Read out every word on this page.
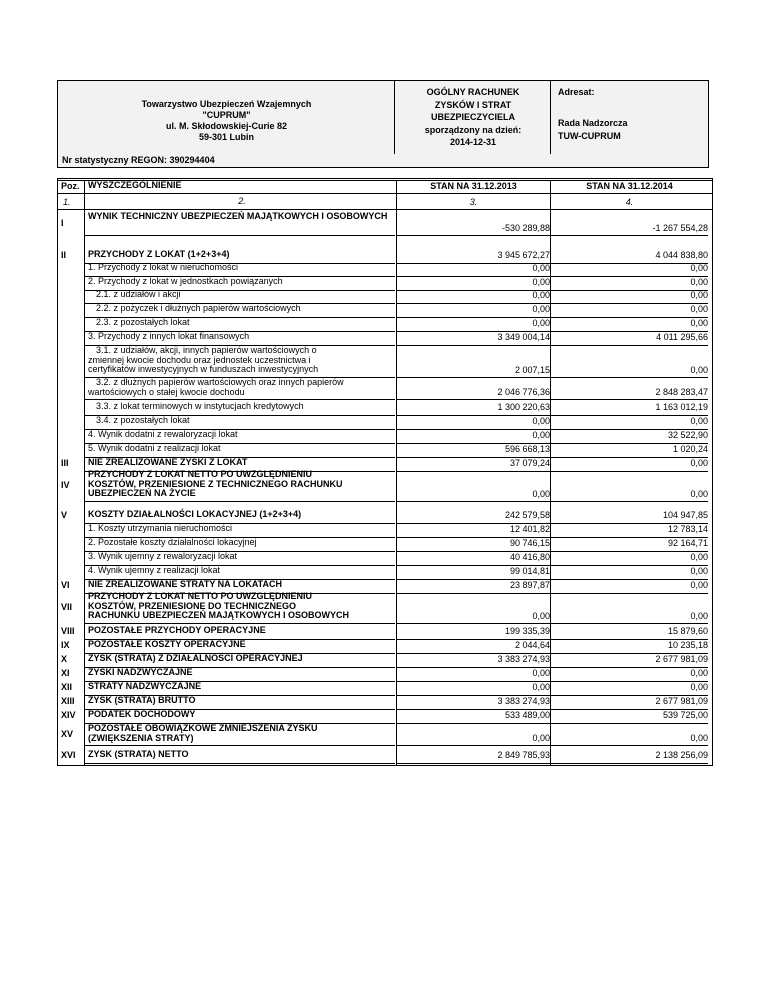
Towarzystwo Ubezpieczeń Wzajemnych
"CUPRUM"
ul. M. Skłodowskiej-Curie 82
59-301 Lubin
OGÓLNY RACHUNEK
ZYSKÓW I STRAT
UBEZPIECZYCIELA
sporządzony na dzień:
2014-12-31
Adresat:
Rada Nadzorcza
TUW-CUPRUM
Nr statystyczny REGON: 390294404
Poz. WYSZCZEGÓLNIENIE	STAN NA 31.12.2013	STAN NA 31.12.2014
1.	2.	3.	4.
I
WYNIK TECHNICZNY UBEZPIECZEŃ MAJĄTKOWYCH I OSOBOWYCH
-530 289,88	-1 267 554,28
II PRZYCHODY Z LOKAT (1+2+3+4)	3 945 672,27	4 044 838,80
1. Przychody z lokat w nieruchomości	0,00	0,00
2. Przychody z lokat w jednostkach powiązanych	0,00	0,00
2.1. z udziałów i akcji	0,00	0,00
2.2. z pożyczek i dłużnych papierów wartościowych	0,00	0,00
2.3. z pozostałych lokat	0,00	0,00
3. Przychody z innych lokat finansowych	3 349 004,14	4 011 295,66
3.1. z udziałów, akcji, innych papierów wartościowych o
zmiennej kwocie dochodu oraz jednostek uczestnictwa i
certyfikatów inwestycyjnych w funduszach inwestycyjnych	2 007,15	0,00
3.2. z dłużnych papierów wartościowych oraz innych papierów
wartościowych o stałej kwocie dochodu	2 046 776,36	2 848 283,47
3.3. z lokat terminowych w instytucjach kredytowych	1 300 220,63	1 163 012,19
3.4. z pozostałych lokat	0,00	0,00
4. Wynik dodatni z rewaloryzacji lokat	0,00	32 522,90
5. Wynik dodatni z realizacji lokat	596 668,13	1 020,24
III NIE ZREALIZOWANE ZYSKI Z LOKAT	37 079,24	0,00
IV
PRZYCHODY Z LOKAT NETTO PO UWZGLĘDNIENIU
KOSZTÓW, PRZENIESIONE Z TECHNICZNEGO RACHUNKU
UBEZPIECZEŃ NA ŻYCIE	0,00	0,00
V KOSZTY DZIAŁALNOŚCI LOKACYJNEJ (1+2+3+4)	242 579,58	104 947,85
1. Koszty utrzymania nieruchomości	12 401,82	12 783,14
2. Pozostałe koszty działalności lokacyjnej	90 746,15	92 164,71
3. Wynik ujemny z rewaloryzacji lokat	40 416,80	0,00
4. Wynik ujemny z realizacji lokat	99 014,81	0,00
VI NIE ZREALIZOWANE STRATY NA LOKATACH	23 897,87	0,00
VII
PRZYCHODY Z LOKAT NETTO PO UWZGLĘDNIENIU
KOSZTÓW, PRZENIESIONE DO TECHNICZNEGO
RACHUNKU UBEZPIECZEŃ MAJĄTKOWYCH I OSOBOWYCH	0,00	0,00
VIII POZOSTAŁE PRZYCHODY OPERACYJNE	199 335,39	15 879,60
IX POZOSTAŁE KOSZTY OPERACYJNE	2 044,64	10 235,18
X ZYSK (STRATA) Z DZIAŁALNOŚCI OPERACYJNEJ	3 383 274,93	2 677 981,09
XI ZYSKI NADZWYCZAJNE	0,00	0,00
XII STRATY NADZWYCZAJNE	0,00	0,00
XIII ZYSK (STRATA) BRUTTO	3 383 274,93	2 677 981,09
XIV PODATEK DOCHODOWY	533 489,00	539 725,00
XV
POZOSTAŁE OBOWIĄZKOWE ZMNIEJSZENIA ZYSKU
(ZWIĘKSZENIA STRATY)	0,00	0,00
XVI ZYSK (STRATA) NETTO	2 849 785,93	2 138 256,09
